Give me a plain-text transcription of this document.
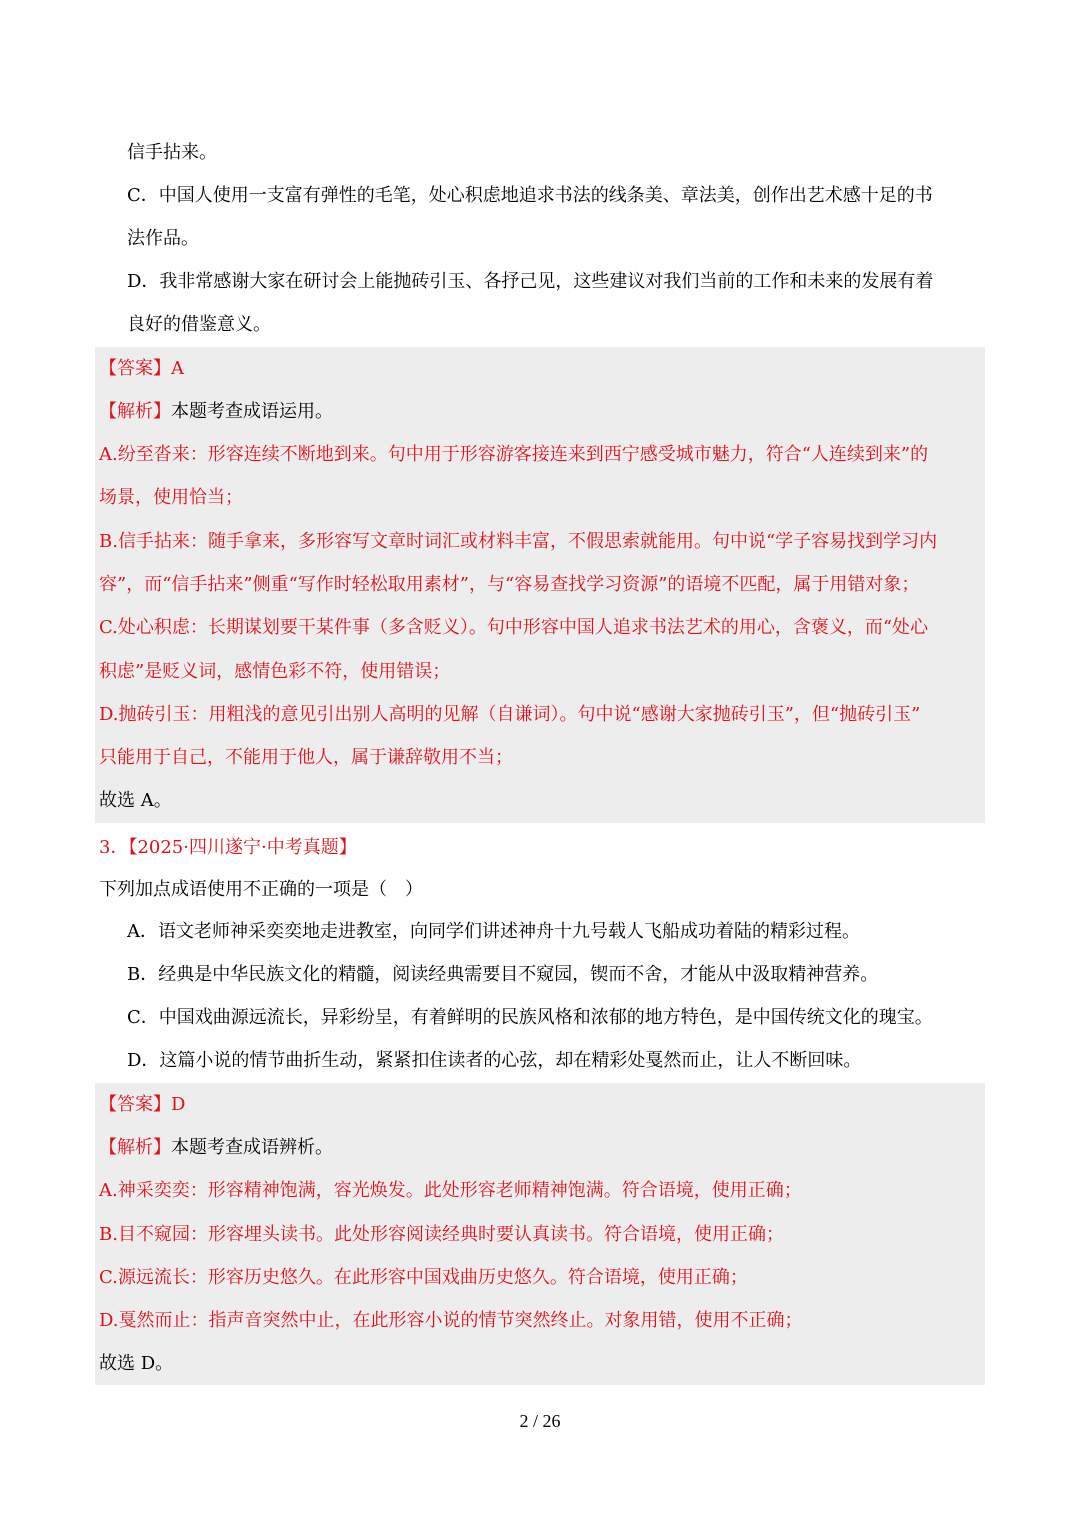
信手拈来。
C．中国人使用一支富有弹性的毛笔，处心积虑地追求书法的线条美、章法美，创作出艺术感十足的书
法作品。
D．我非常感谢大家在研讨会上能抛砖引玉、各抒己见，这些建议对我们当前的工作和未来的发展有着
良好的借鉴意义。
【答案】A
【解析】本题考查成语运用。
A.纷至沓来：形容连续不断地到来。句中用于形容游客接连来到西宁感受城市魅力，符合“人连续到来”的
场景，使用恰当；
B.信手拈来：随手拿来，多形容写文章时词汇或材料丰富，不假思索就能用。句中说“学子容易找到学习内
容”，而“信手拈来”侧重“写作时轻松取用素材”，与“容易查找学习资源”的语境不匹配，属于用错对象；
C.处心积虑：长期谋划要干某件事（多含贬义）。句中形容中国人追求书法艺术的用心，含褒义，而“处心
积虑”是贬义词，感情色彩不符，使用错误；
D.抛砖引玉：用粗浅的意见引出别人高明的见解（自谦词）。句中说“感谢大家抛砖引玉”，但“抛砖引玉”
只能用于自己，不能用于他人，属于谦辞敬用不当；
故选 A。
3．【2025·四川遂宁·中考真题】
下列加点成语使用不正确的一项是（　）
A．语文老师神采奕奕地走进教室，向同学们讲述神舟十九号载人飞船成功着陆的精彩过程。
B．经典是中华民族文化的精髓，阅读经典需要目不窥园，锲而不舍，才能从中汲取精神营养。
C．中国戏曲源远流长，异彩纷呈，有着鲜明的民族风格和浓郁的地方特色，是中国传统文化的瑰宝。
D．这篇小说的情节曲折生动，紧紧扣住读者的心弦，却在精彩处戛然而止，让人不断回味。
【答案】D
【解析】本题考查成语辨析。
A.神采奕奕：形容精神饱满，容光焕发。此处形容老师精神饱满。符合语境，使用正确；
B.目不窥园：形容埋头读书。此处形容阅读经典时要认真读书。符合语境，使用正确；
C.源远流长：形容历史悠久。在此形容中国戏曲历史悠久。符合语境，使用正确；
D.戛然而止：指声音突然中止，在此形容小说的情节突然终止。对象用错，使用不正确；
故选 D。
2 / 26
